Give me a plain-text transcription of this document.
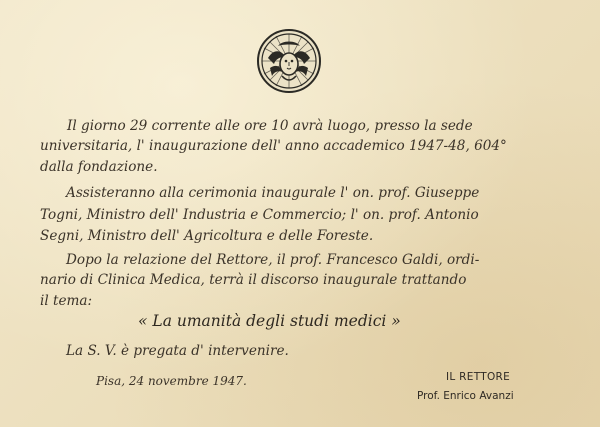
Il giorno 29 corrente alle ore 10 avrà luogo, presso la sede
universitaria, l' inaugurazione dell' anno accademico 1947-48, 604°
dalla fondazione.
Assisteranno alla cerimonia inaugurale l' on. prof. Giuseppe
Togni, Ministro dell' Industria e Commercio; l' on. prof. Antonio
Segni, Ministro dell' Agricoltura e delle Foreste.
Dopo la relazione del Rettore, il prof. Francesco Galdi, ordi-
nario di Clinica Medica, terrà il discorso inaugurale trattando
il tema:
« La umanità degli studi medici »
La S. V. è pregata d' intervenire.
Pisa, 24 novembre 1947.	IL RETTORE
Prof. Enrico Avanzi
